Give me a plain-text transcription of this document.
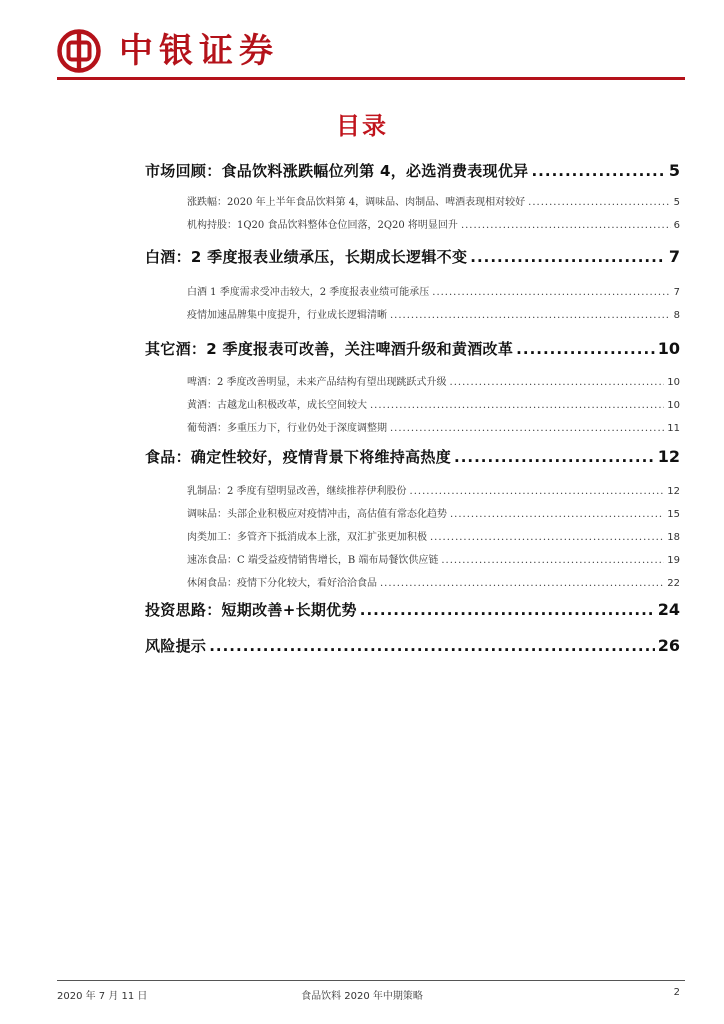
中银证券
目录
市场回顾：食品饮料涨跌幅位列第 4，必选消费表现优异 .....	5
涨跌幅：2020 年上半年食品饮料第 4，调味品、肉制品、啤酒表现相对较好 .....	5
机构持股：1Q20 食品饮料整体仓位回落，2Q20 将明显回升 .....	6
白酒：2 季度报表业绩承压，长期成长逻辑不变 .....	7
白酒 1 季度需求受冲击较大，2 季度报表业绩可能承压 .....	7
疫情加速品牌集中度提升，行业成长逻辑清晰 .....	8
其它酒：2 季度报表可改善，关注啤酒升级和黄酒改革 .....	10
啤酒：2 季度改善明显，未来产品结构有望出现跳跃式升级 .....	10
黄酒：古越龙山积极改革，成长空间较大 .....	10
葡萄酒：多重压力下，行业仍处于深度调整期 .....	11
食品：确定性较好，疫情背景下将维持高热度 .....	12
乳制品：2 季度有望明显改善，继续推荐伊利股份 .....	12
调味品：头部企业积极应对疫情冲击，高估值有常态化趋势 .....	15
肉类加工：多管齐下抵消成本上涨，双汇扩张更加积极 .....	18
速冻食品：C 端受益疫情销售增长，B 端布局餐饮供应链 .....	19
休闲食品：疫情下分化较大，看好洽洽食品 .....	22
投资思路：短期改善+长期优势 .....	24
风险提示 .....	26
2020 年 7 月 11 日	食品饮料 2020 年中期策略	2
